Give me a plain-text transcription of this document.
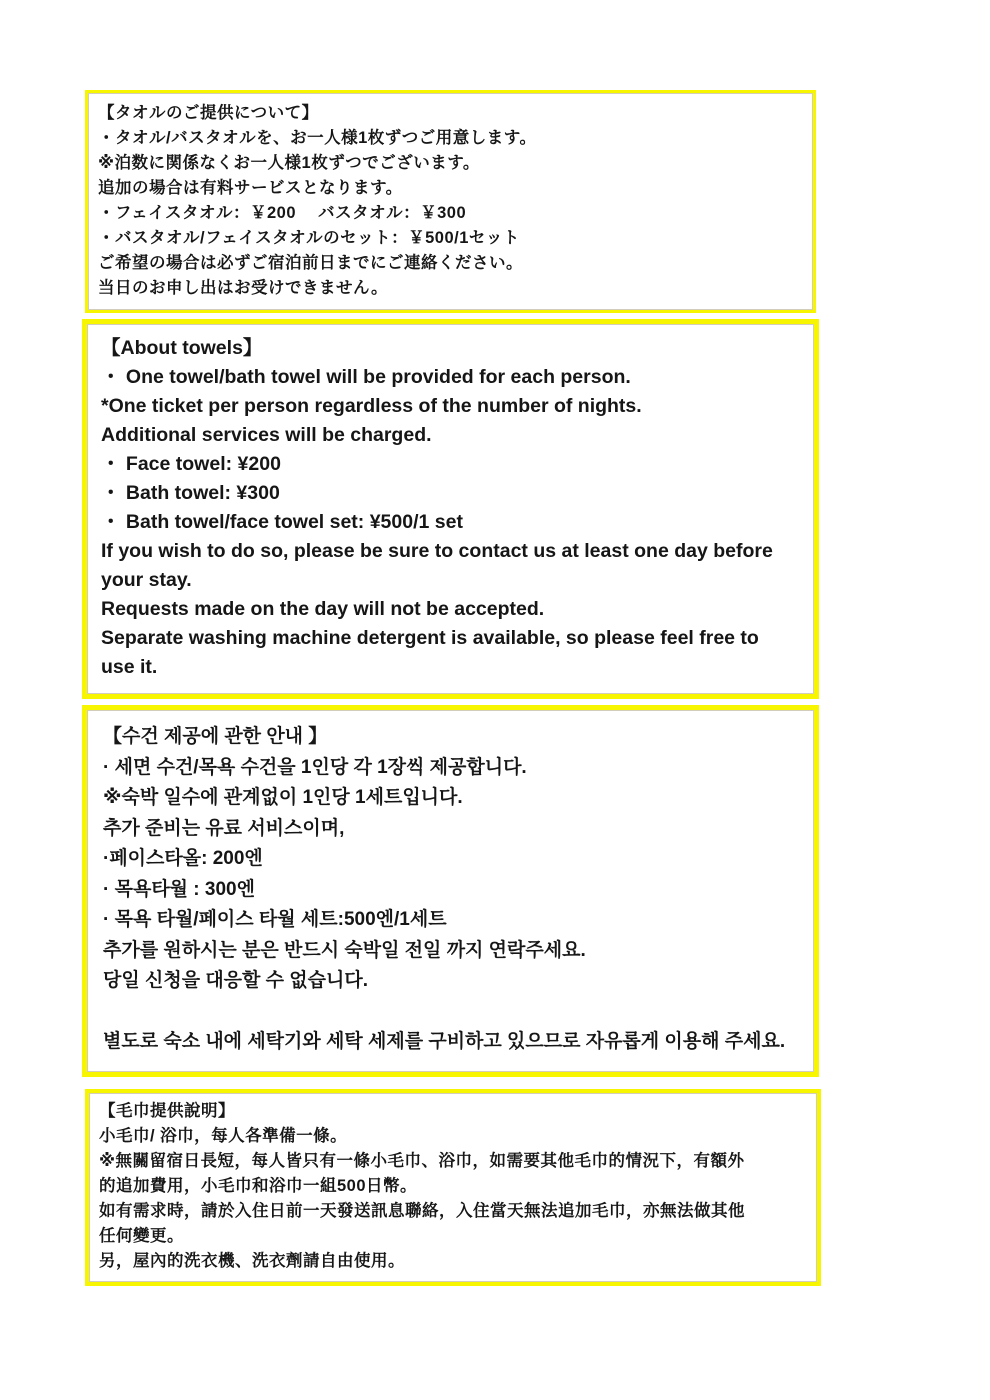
【タオルのご提供について】
・タオル/バスタオルを、お一人様1枚ずつご用意します。
※泊数に関係なくお一人様1枚ずつでございます。
追加の場合は有料サービスとなります。
・フェイスタオル：￥200　 バスタオル：￥300
・バスタオル/フェイスタオルのセット：￥500/1セット
ご希望の場合は必ずご宿泊前日までにご連絡ください。
当日のお申し出はお受けできません。
【About towels】
・ One towel/bath towel will be provided for each person.
*One ticket per person regardless of the number of nights.
Additional services will be charged.
・ Face towel: ¥200
・ Bath towel: ¥300
・ Bath towel/face towel set: ¥500/1 set
If you wish to do so, please be sure to contact us at least one day before
your stay.
Requests made on the day will not be accepted.
Separate washing machine detergent is available, so please feel free to
use it.
【수건 제공에 관한 안내 】
· 세면 수건/목욕 수건을 1인당 각 1장씩 제공합니다.
※숙박 일수에 관계없이 1인당 1세트입니다.
추가 준비는 유료 서비스이며,
·페이스타올: 200엔
· 목욕타월 : 300엔
· 목욕 타월/페이스 타월 세트:500엔/1세트
추가를 원하시는 분은 반드시 숙박일 전일 까지 연락주세요.
당일 신청을 대응할 수 없습니다.

별도로 숙소 내에 세탁기와 세탁 세제를 구비하고 있으므로 자유롭게 이용해 주세요.
【毛巾提供說明】
小毛巾/ 浴巾，每人各準備一條。
※無關留宿日長短，每人皆只有一條小毛巾、浴巾，如需要其他毛巾的情況下，有額外
的追加費用，小毛巾和浴巾一組500日幣。
如有需求時，請於入住日前一天發送訊息聯絡，入住當天無法追加毛巾，亦無法做其他
任何變更。
另，屋內的洗衣機、洗衣劑請自由使用。
